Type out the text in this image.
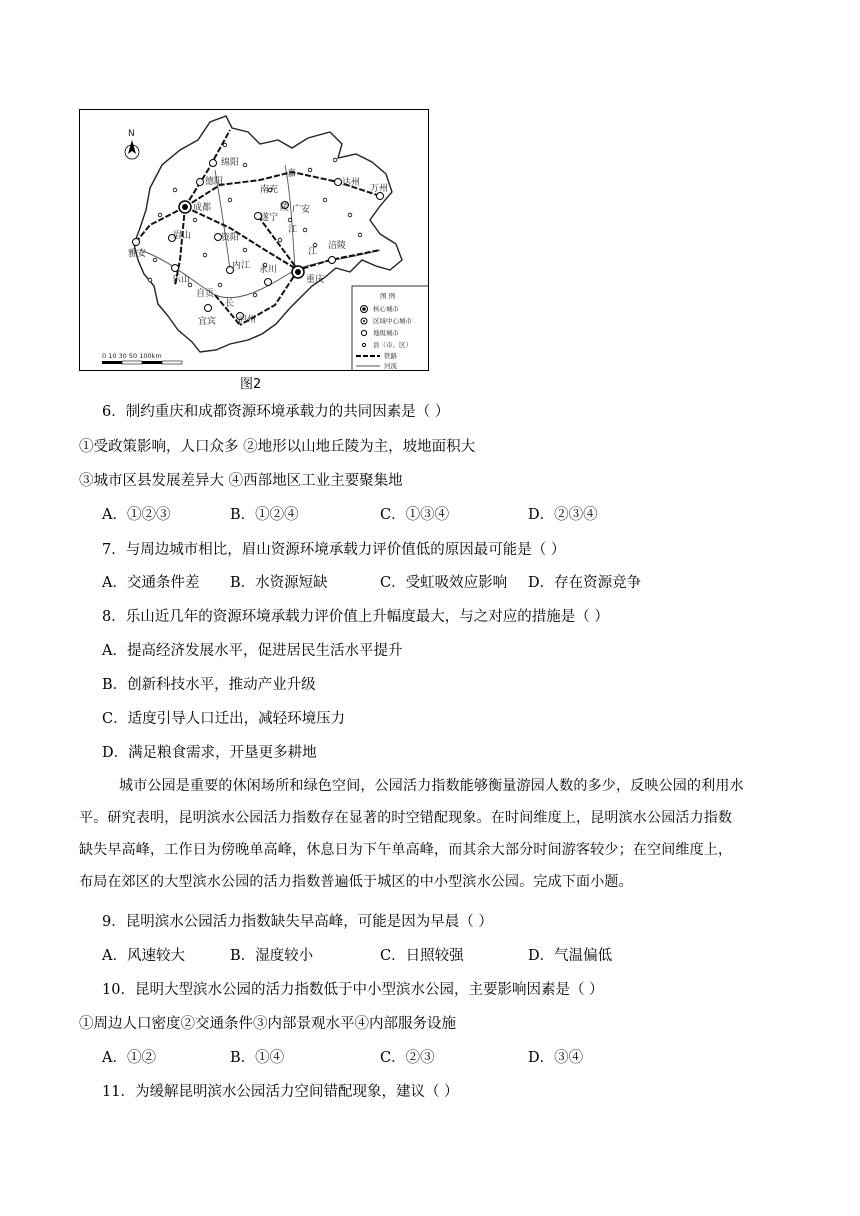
N
绵阳
德阳
成都
南充
嘉
达州
万州
遂宁
陵 广安
江
眉山	资阳
雅安
乐山
内江 永川
江
涪陵
重庆
自贡
长
宜宾 泸州
0 10 30 50 100km
图 例
核心城市
区域中心城市
地级城市
县（市、区）
铁路
河流
图2
6．制约重庆和成都资源环境承载力的共同因素是（ ）
①受政策影响，人口众多 ②地形以山地丘陵为主，坡地面积大
③城市区县发展差异大 ④西部地区工业主要聚集地
A．①②③	B．①②④	C．①③④	D．②③④
7．与周边城市相比，眉山资源环境承载力评价值低的原因最可能是（ ）
A．交通条件差 B．水资源短缺	C．受虹吸效应影响 D．存在资源竞争
8．乐山近几年的资源环境承载力评价值上升幅度最大，与之对应的措施是（ ）
A．提高经济发展水平，促进居民生活水平提升
B．创新科技水平，推动产业升级
C．适度引导人口迁出，减轻环境压力
D．满足粮食需求，开垦更多耕地
城市公园是重要的休闲场所和绿色空间，公园活力指数能够衡量游园人数的多少，反映公园的利用水
平。研究表明，昆明滨水公园活力指数存在显著的时空错配现象。在时间维度上，昆明滨水公园活力指数
缺失早高峰，工作日为傍晚单高峰，休息日为下午单高峰，而其余大部分时间游客较少；在空间维度上，
布局在郊区的大型滨水公园的活力指数普遍低于城区的中小型滨水公园。完成下面小题。
9．昆明滨水公园活力指数缺失早高峰，可能是因为早晨（ ）
A．风速较大	B．湿度较小	C．日照较强	D．气温偏低
10．昆明大型滨水公园的活力指数低于中小型滨水公园，主要影响因素是（ ）
①周边人口密度②交通条件③内部景观水平④内部服务设施
A．①②	B．①④	C．②③	D．③④
11．为缓解昆明滨水公园活力空间错配现象，建议（ ）
